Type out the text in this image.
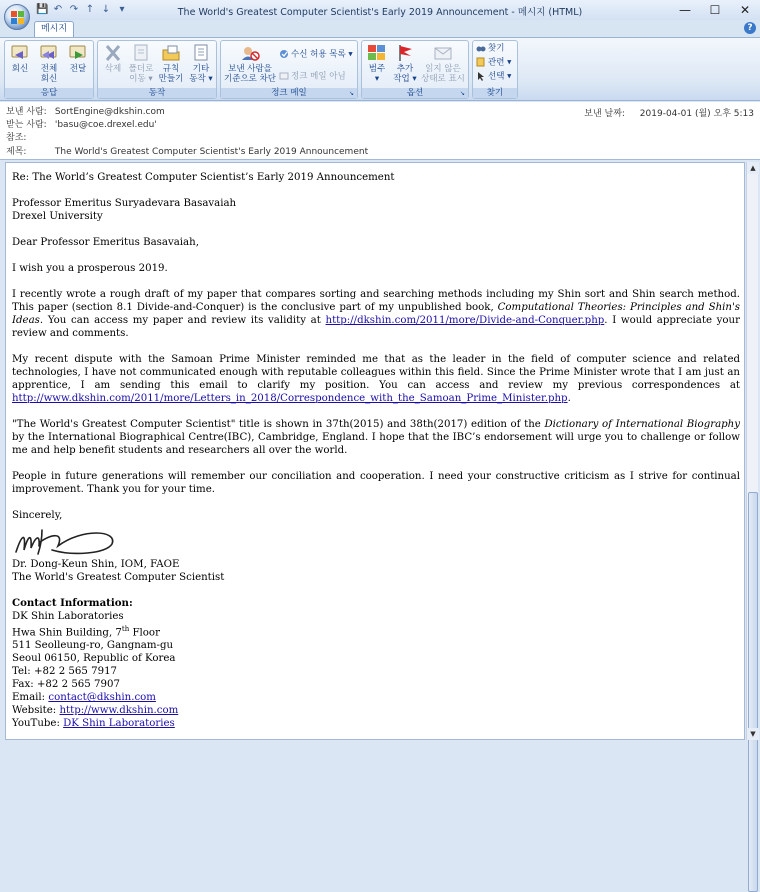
💾 ↶ ↷ ↑ ↓ ▾	The World's Greatest Computer Scientist's Early 2019 Announcement - 메시지 (HTML)	—	☐	✕
메시지	?
회신	전체
회신
전달
응답
삭제 폴더로
이동 ▾
규칙
만들기
기타
동작 ▾
동작
보낸 사람을
기준으로 차단
수신 허용 목록 ▾
정크 메일 아님
정크 메일	↘
범주
▾
추가
작업 ▾
읽지 않은
상태로 표시
옵션	↘
찾기
관련 ▾
선택 ▾
찾기
보낸 사람: SortEngine@dkshin.com
받는 사람: 'basu@coe.drexel.edu'
참조:
제목:	The World's Greatest Computer Scientist's Early 2019 Announcement
보낸 날짜: 2019-04-01 (월) 오후 5:13

Re: The World’s Greatest Computer Scientist’s Early 2019 Announcement

Professor Emeritus Suryadevara Basavaiah
Drexel University

Dear Professor Emeritus Basavaiah,

I wish you a prosperous 2019.

I recently wrote a rough draft of my paper that compares sorting and searching methods including my Shin sort and Shin search method. This paper (section 8.1 Divide-and-Conquer) is the conclusive part of my unpublished book, Computational Theories: Principles and Shin's Ideas. You can access my paper and review its validity at http://dkshin.com/2011/more/Divide-and-Conquer.php. I would appreciate your review and comments.

My recent dispute with the Samoan Prime Minister reminded me that as the leader in the field of computer science and related technologies, I have not communicated enough with reputable colleagues within this field. Since the Prime Minister wrote that I am just an apprentice, I am sending this email to clarify my position. You can access and review my previous correspondences at http://www.dkshin.com/2011/more/Letters_in_2018/Correspondence_with_the_Samoan_Prime_Minister.php.

"The World's Greatest Computer Scientist" title is shown in 37th(2015) and 38th(2017) edition of the Dictionary of International Biography by the International Biographical Centre(IBC), Cambridge, England. I hope that the IBC’s endorsement will urge you to challenge or follow me and help benefit students and researchers all over the world.

People in future generations will remember our conciliation and cooperation. I need your constructive criticism as I strive for continual improvement. Thank you for your time.

Sincerely,
Dr. Dong-Keun Shin, IOM, FAOE
The World's Greatest Computer Scientist
Contact Information:
DK Shin Laboratories
Hwa Shin Building, 7th Floor
511 Seolleung-ro, Gangnam-gu
Seoul 06150, Republic of Korea
Tel: +82 2 565 7917
Fax: +82 2 565 7907
Email: contact@dkshin.com
Website: http://www.dkshin.com
YouTube: DK Shin Laboratories
▲
▼
